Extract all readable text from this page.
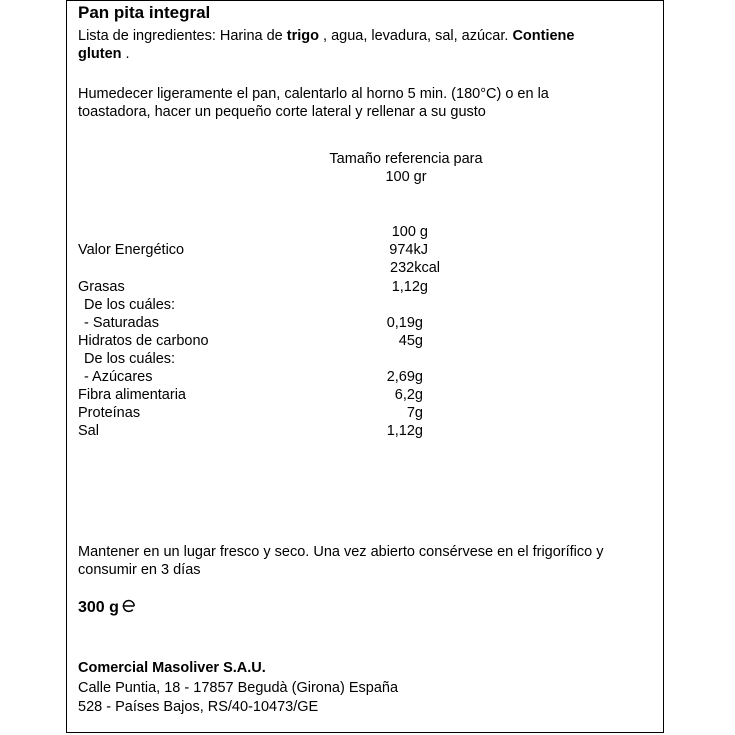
Pan pita integral
Lista de ingredientes: Harina de trigo , agua, levadura, sal, azúcar. Contiene
gluten .
Humedecer ligeramente el pan, calentarlo al horno 5 min. (180°C) o en la
toastadora, hacer un pequeño corte lateral y rellenar a su gusto
Tamaño referencia para
100 gr
100 g
Valor Energético	974kJ
232kcal
Grasas	1,12g
De los cuáles:
- Saturadas	0,19g
Hidratos de carbono	45g
De los cuáles:
- Azúcares	2,69g
Fibra alimentaria	6,2g
Proteínas	7g
Sal	1,12g
Mantener en un lugar fresco y seco. Una vez abierto consérvese en el frigorífico y
consumir en 3 días
300 g
Comercial Masoliver S.A.U.
Calle Puntia, 18 - 17857 Begudà (Girona) España
528 - Países Bajos, RS/40-10473/GE
